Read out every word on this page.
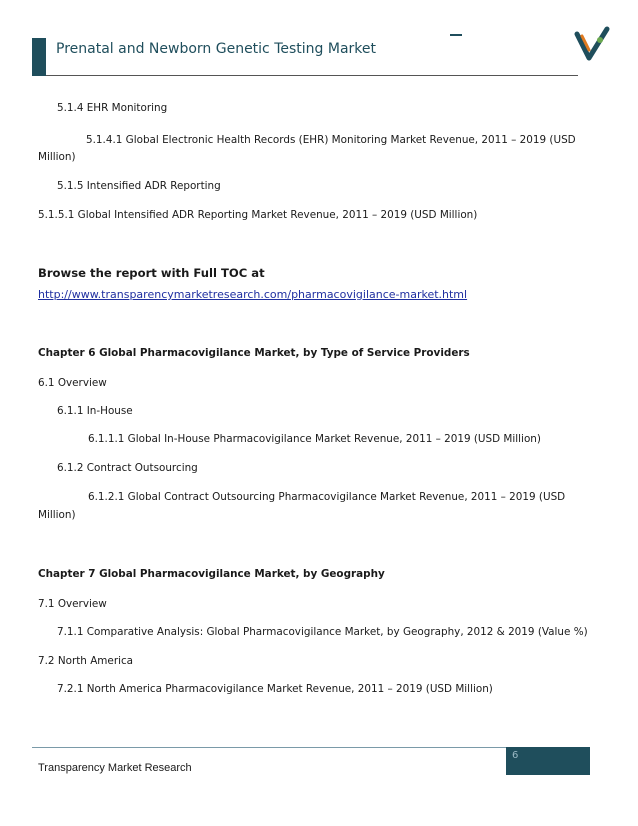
Prenatal and Newborn Genetic Testing Market
5.1.4 EHR Monitoring
5.1.4.1 Global Electronic Health Records (EHR) Monitoring Market Revenue, 2011 – 2019 (USD
Million)
5.1.5 Intensified ADR Reporting
5.1.5.1 Global Intensified ADR Reporting Market Revenue, 2011 – 2019 (USD Million)
Browse the report with Full TOC at
http://www.transparencymarketresearch.com/pharmacovigilance-market.html
Chapter 6 Global Pharmacovigilance Market, by Type of Service Providers
6.1 Overview
6.1.1 In-House
6.1.1.1 Global In-House Pharmacovigilance Market Revenue, 2011 – 2019 (USD Million)
6.1.2 Contract Outsourcing
6.1.2.1 Global Contract Outsourcing Pharmacovigilance Market Revenue, 2011 – 2019 (USD
Million)
Chapter 7 Global Pharmacovigilance Market, by Geography
7.1 Overview
7.1.1 Comparative Analysis: Global Pharmacovigilance Market, by Geography, 2012 & 2019 (Value %)
7.2 North America
7.2.1 North America Pharmacovigilance Market Revenue, 2011 – 2019 (USD Million)
6
Transparency Market Research
